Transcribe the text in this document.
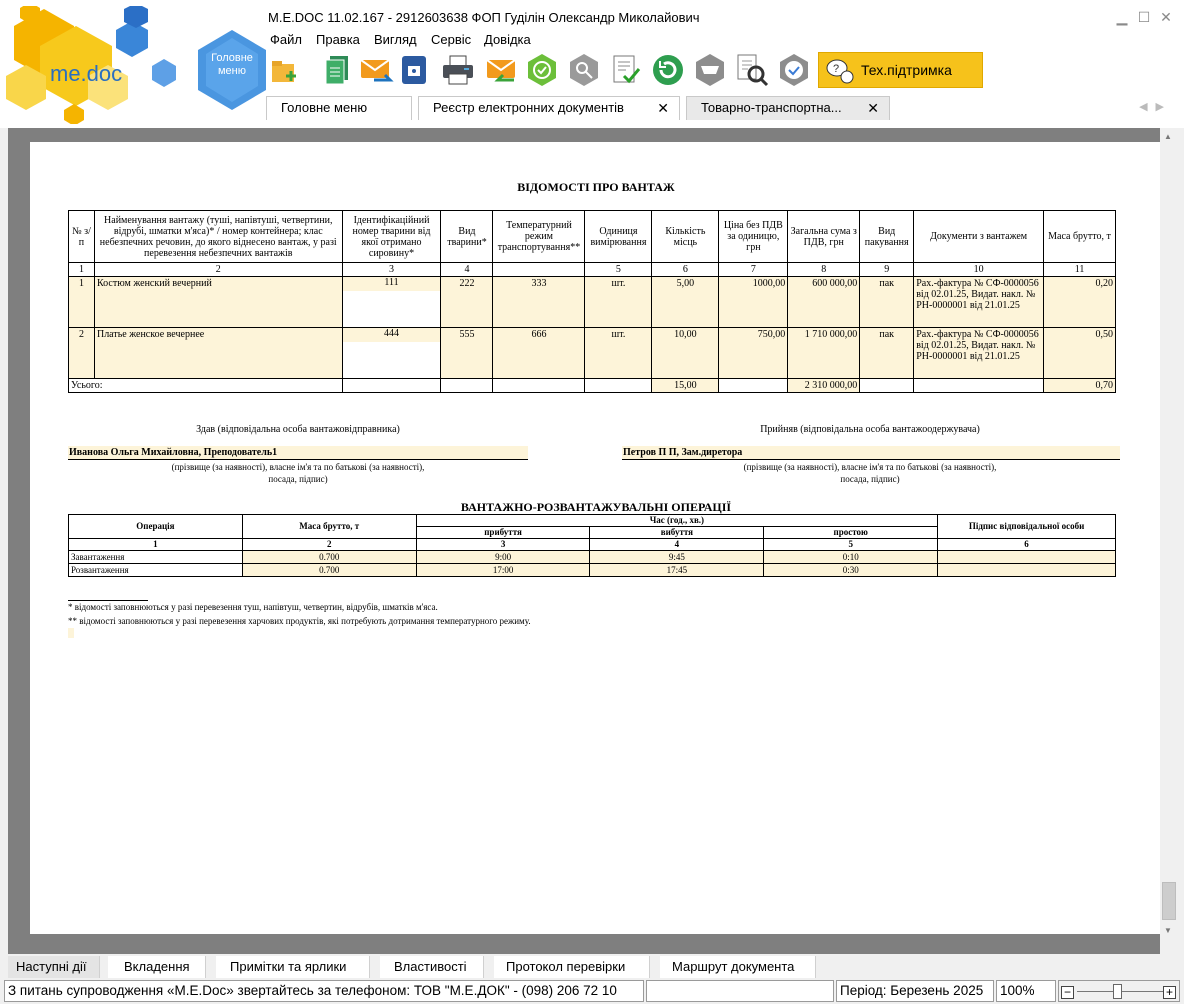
me.doc
Головне меню
M.E.DOC 11.02.167 - 2912603638 ФОП Гуділін Олександр Миколайович	▁ ☐ ✕
Файл Правка Вигляд Сервіс Довідка
? Тех.підтримка
Головне меню	Реєстр електронних документів ✕	Товарно-транспортна... ✕	◀▶
ВІДОМОСТІ ПРО ВАНТАЖ
№ з/п	Найменування вантажу (туші, напівтуші, четвертини, відрубі, шматки м'яса)* / номер контейнера; клас небезпечних речовин, до якого віднесено вантаж, у разі перевезення небезпечних вантажів	Ідентифікаційний номер тварини від якої отримано сировину*	Вид тварини*	Температурний режим транспортування**	Одиниця вимірювання	Кількість місць	Ціна без ПДВ за одиницю, грн	Загальна сума з ПДВ, грн	Вид пакування	Документи з вантажем	Маса брутто, т
1	2	3	4		5	6	7	8	9	10	11
1	Костюм женский вечерний	111	222	333	шт.	5,00	1000,00	600 000,00	пак	Рах.-фактура № СФ-0000056 від 02.01.25, Видат. накл. № РН-0000001 від 21.01.25	0,20
2	Платье женское вечернее	444	555	666	шт.	10,00	750,00	1 710 000,00	пак	Рах.-фактура № СФ-0000056 від 02.01.25, Видат. накл. № РН-0000001 від 21.01.25	0,50
Усього:						15,00		2 310 000,00			0,70
Здав (відповідальна особа вантажовідправника)	Прийняв (відповідальна особа вантажоодержувача)
Иванова Ольга Михайловна, Преподователь1	Петров П П, Зам.диретора
(прізвище (за наявності), власне ім'я та по батькові (за наявності),
посада, підпис)
(прізвище (за наявності), власне ім'я та по батькові (за наявності),
посада, підпис)
ВАНТАЖНО-РОЗВАНТАЖУВАЛЬНІ ОПЕРАЦІЇ
Операція	Маса брутто, т	Час (год., хв.)			Підпис відповідальної особи
		прибуття	вибуття	простою	
1	2	3	4	5	6
Завантаження	0.700	9:00	9:45	0:10	
Розвантаження	0.700	17:00	17:45	0:30	
* відомості заповнюються у разі перевезення туш, напівтуш, четвертин, відрубів, шматків м'яса.
** відомості заповнюються у разі перевезення харчових продуктів, які потребують дотримання температурного режиму.
▲
▼
Наступні дії	Вкладення	Примітки та ярлики	Властивості	Протокол перевірки	Маршрут документа
З питань супроводження «M.E.Doc» звертайтесь за телефоном: ТОВ "М.Е.ДОК" - (098) 206 72 10	Період: Березень 2025	100%	−	+
